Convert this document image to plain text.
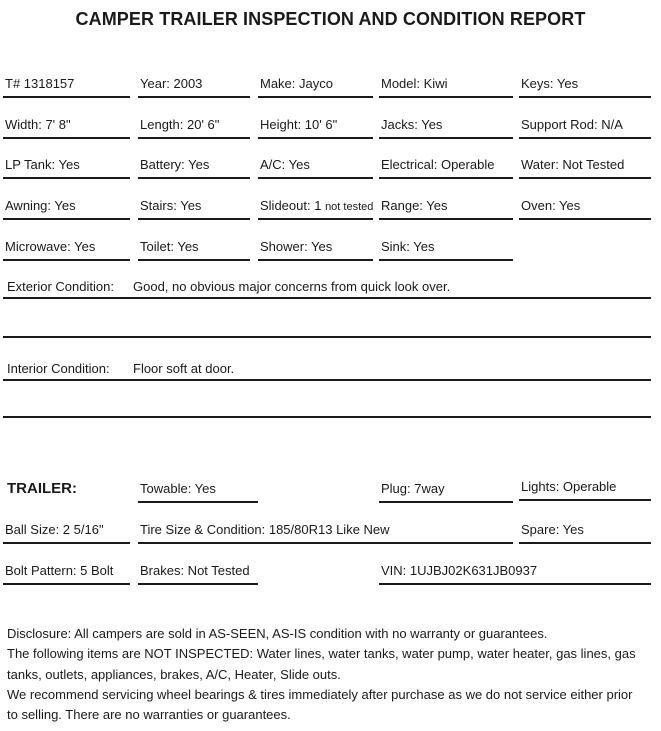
CAMPER TRAILER INSPECTION AND CONDITION REPORT
T# 1318157	Year: 2003	Make: Jayco	Model: Kiwi	Keys: Yes
Width: 7' 8"	Length: 20' 6"	Height: 10' 6"	Jacks: Yes	Support Rod: N/A
LP Tank: Yes	Battery: Yes	A/C: Yes	Electrical: Operable	Water: Not Tested
Awning: Yes	Stairs: Yes	Slideout: 1 not tested Range: Yes	Oven: Yes
Microwave: Yes	Toilet: Yes	Shower: Yes	Sink: Yes
Exterior Condition: Good, no obvious major concerns from quick look over.
Interior Condition: Floor soft at door.
TRAILER:	Towable: Yes	Plug: 7way	Lights: Operable
Ball Size: 2 5/16"	Tire Size & Condition: 185/80R13 Like New	Spare: Yes
Bolt Pattern: 5 Bolt	Brakes: Not Tested	VIN: 1UJBJ02K631JB0937

Disclosure: All campers are sold in AS-SEEN, AS-IS condition with no warranty or guarantees.

The following items are NOT INSPECTED: Water lines, water tanks, water pump, water heater, gas lines, gas

tanks, outlets, appliances, brakes, A/C, Heater, Slide outs.

We recommend servicing wheel bearings & tires immediately after purchase as we do not service either prior

to selling. There are no warranties or guarantees.
